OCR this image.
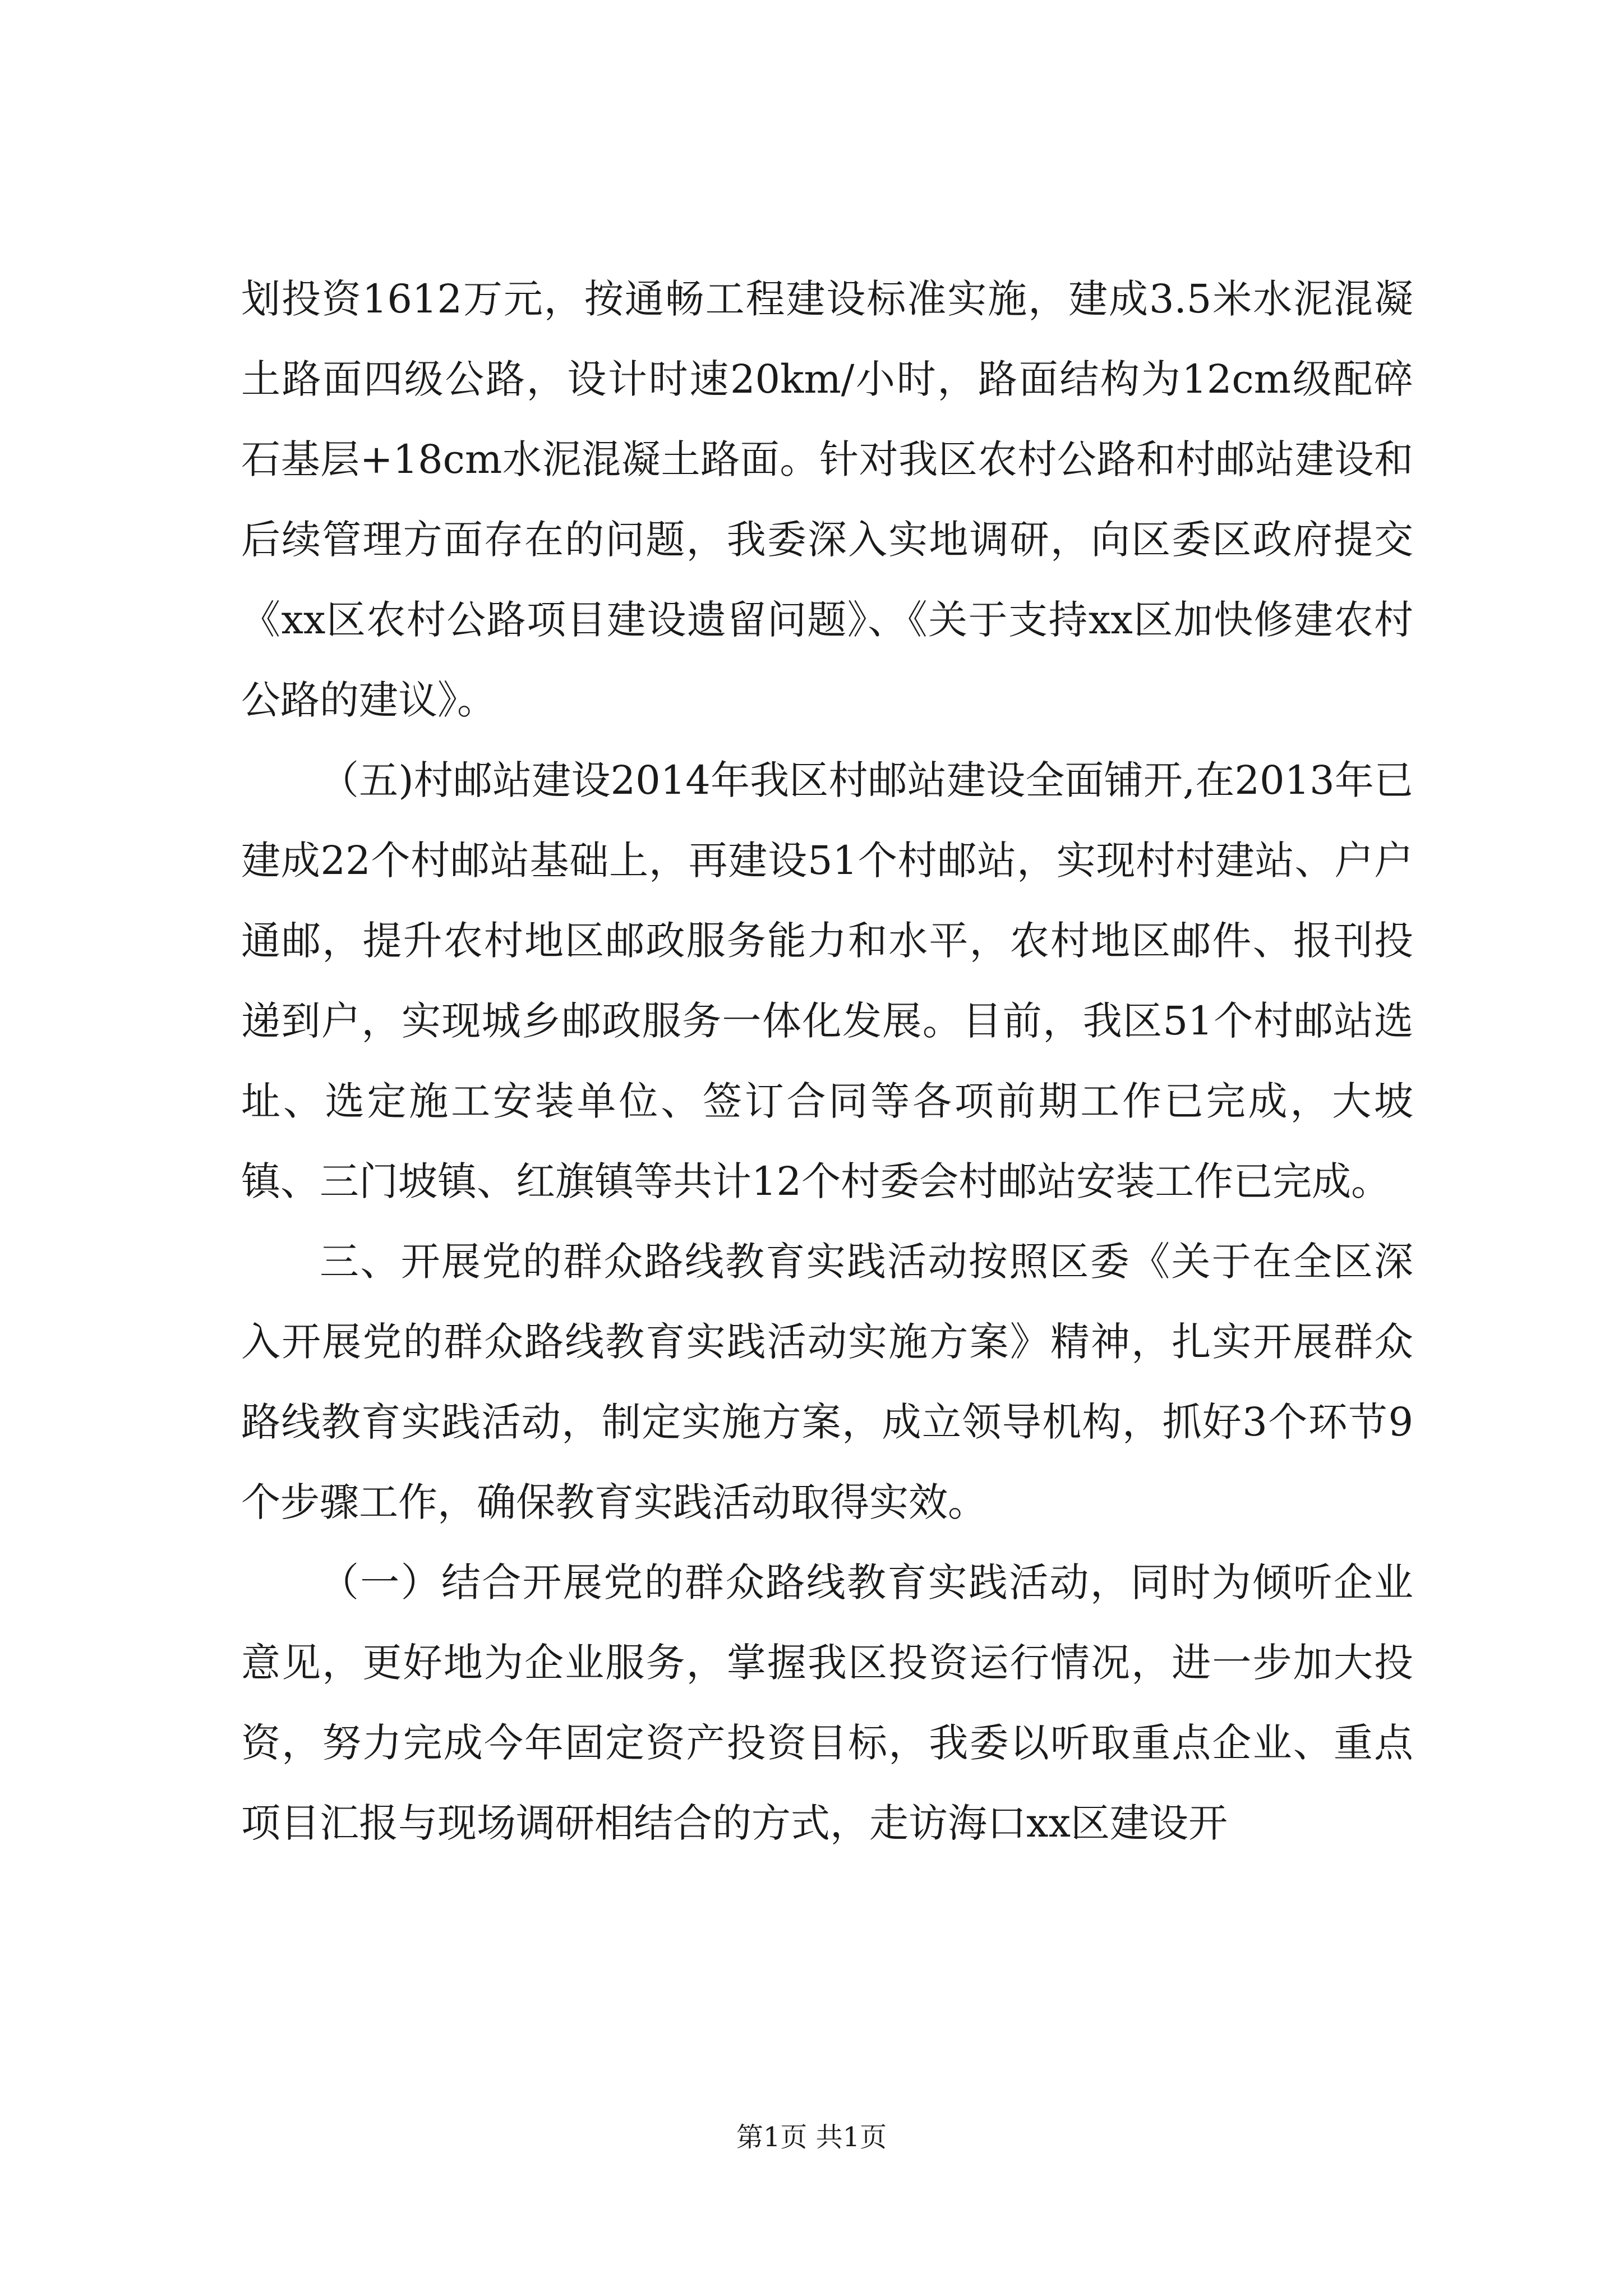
划投资1612万元，按通畅工程建设标准实施，建成3.5米水泥混凝土路面四级公路，设计时速20km/小时，路面结构为12cm级配碎石基层+18cm水泥混凝土路面。针对我区农村公路和村邮站建设和后续管理方面存在的问题，我委深入实地调研，向区委区政府提交《xx区农村公路项目建设遗留问题》、《关于支持xx区加快修建农村公路的建议》。

（五)村邮站建设2014年我区村邮站建设全面铺开,在2013年已建成22个村邮站基础上，再建设51个村邮站，实现村村建站、户户通邮，提升农村地区邮政服务能力和水平，农村地区邮件、报刊投递到户，实现城乡邮政服务一体化发展。目前，我区51个村邮站选址、选定施工安装单位、签订合同等各项前期工作已完成，大坡镇、三门坡镇、红旗镇等共计12个村委会村邮站安装工作已完成。

三、开展党的群众路线教育实践活动按照区委《关于在全区深入开展党的群众路线教育实践活动实施方案》精神，扎实开展群众路线教育实践活动，制定实施方案，成立领导机构，抓好3个环节9个步骤工作，确保教育实践活动取得实效。

（一）结合开展党的群众路线教育实践活动，同时为倾听企业意见，更好地为企业服务，掌握我区投资运行情况，进一步加大投资，努力完成今年固定资产投资目标，我委以听取重点企业、重点项目汇报与现场调研相结合的方式，走访海口xx区建设开

第1页 共1页
